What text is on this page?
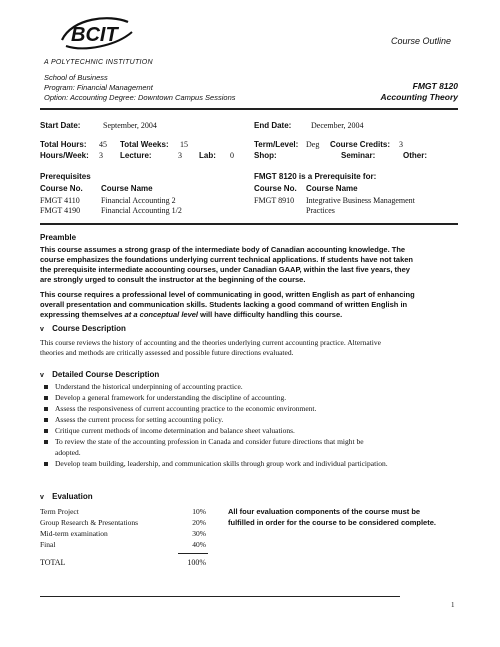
BCIT
A POLYTECHNIC INSTITUTION
Course Outline
School of Business
Program: Financial Management
Option: Accounting Degree: Downtown Campus Sessions
FMGT 8120
Accounting Theory
Start Date:	September, 2004	End Date: December, 2004
Total Hours: 45 Total Weeks: 15	Term/Level: Deg Course Credits: 3
Hours/Week: 3 Lecture:	3 Lab: 0	Shop:	Seminar:	Other:
Prerequisites	FMGT 8120 is a Prerequisite for:
Course No. Course Name	Course No. Course Name
FMGT 4110	Financial Accounting 2
FMGT 4190	Financial Accounting 1/2
FMGT 8910 Integrative Business Management
Practices
Preamble
This course assumes a strong grasp of the intermediate body of Canadian accounting knowledge. The
course emphasizes the foundations underlying current technical applications. If students have not taken
the prerequisite intermediate accounting courses, under Canadian GAAP, within the last five years, they
are strongly urged to consult the instructor at the beginning of the course.
This course requires a professional level of communicating in good, written English as part of enhancing
overall presentation and communication skills. Students lacking a good command of written English in
expressing themselves at a conceptual level will have difficulty handling this course.
v Course Description
This course reviews the history of accounting and the theories underlying current accounting practice. Alternative
theories and methods are critically assessed and possible future directions evaluated.
v Detailed Course Description
Understand the historical underpinning of accounting practice.
Develop a general framework for understanding the discipline of accounting.
Assess the responsiveness of current accounting practice to the economic environment.
Assess the current process for setting accounting policy.
Critique current methods of income determination and balance sheet valuations.
To review the state of the accounting profession in Canada and consider future directions that might be
adopted.
Develop team building, leadership, and communication skills through group work and individual participation.
v Evaluation
Term Project	10%
Group Research & Presentations	20%
Mid-term examination	30%
Final	40%
TOTAL	100%
All four evaluation components of the course must be
fulfilled in order for the course to be considered complete.
1
